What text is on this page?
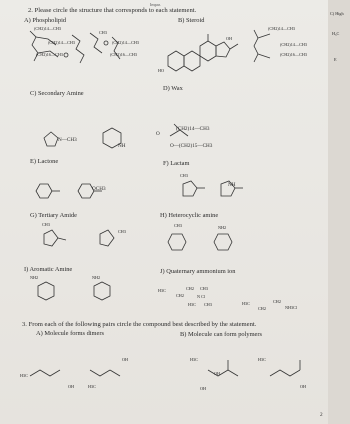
Impar.
2. Please circle the structure that corresponds to each statement.
A) Phospholipid
(CH2)14—CH3
(CH2)14—CH3
(CH2)16—CH3
CH3
(CH2)14—CH3
(CH2)16—CH3
B) Steroid
OH
HO
(CH2)14—CH3
(CH2)14—CH3
(CH2)16—CH3
C) Secondary Amine
N—CH3
NH
D) Wax
O
(CH2)14—CH3
O—(CH2)15—CH3
E) Lactone
OCH3
F) Lactam
CH3
NH
G) Tertiary Amide
CH3
CH3
H) Heterocyclic amine
CH3	NH2
I) Aromatic Amine
NH2	NH2
J) Quaternary ammonium ion
H3C
CH2
CH2 CH3
N Cl
H3C CH3	H3C
CH2
CH2
NH3Cl
3. From each of the following pairs circle the compound best described by the statement.
A) Molecule forms dimers	B) Molecule can form polymers
H3C
OH	H3C
OH	H3C
OH
OH
H3C
OH
2
C) High
H₃C
E
